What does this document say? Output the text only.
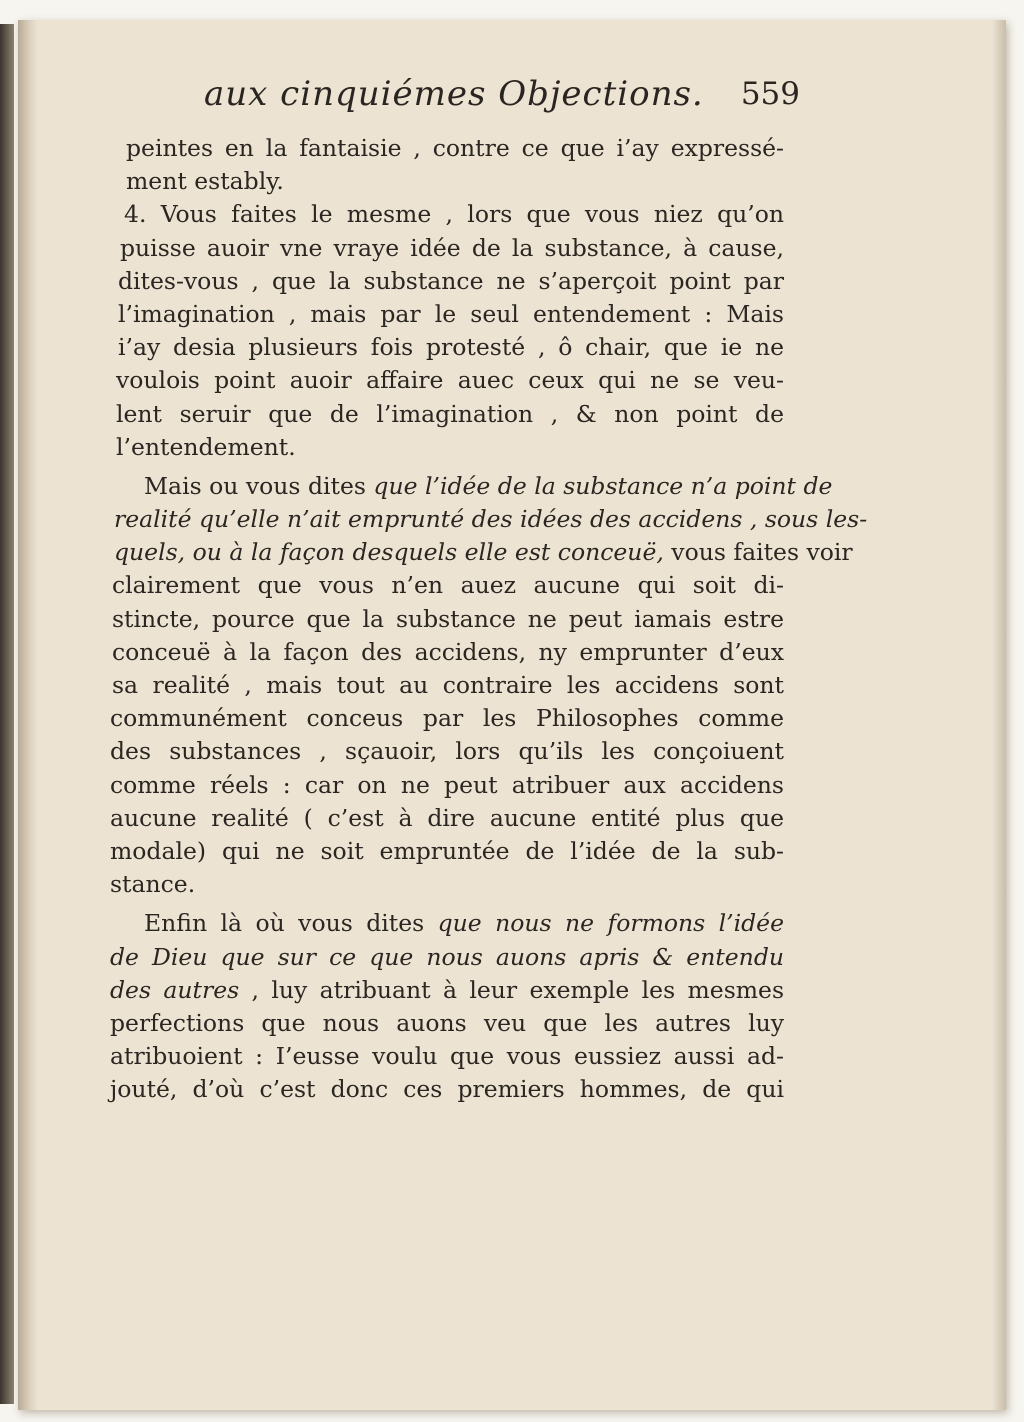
aux cinquiémes Objections. 559
peintes en la fantaisie , contre ce que i’ay expressé-
ment estably.
4. Vous faites le mesme , lors que vous niez qu’on
puisse auoir vne vraye idée de la substance, à cause,
dites-vous , que la substance ne s’aperçoit point par
l’imagination , mais par le seul entendement : Mais
i’ay desia plusieurs fois protesté , ô chair, que ie ne
voulois point auoir affaire auec ceux qui ne se veu-
lent seruir que de l’imagination , & non point de
l’entendement.
Mais ou vous dites que l’idée de la substance n’a point de
realité qu’elle n’ait emprunté des idées des accidens , sous les-
quels, ou à la façon desquels elle est conceuë, vous faites voir
clairement que vous n’en auez aucune qui soit di-
stincte, pource que la substance ne peut iamais estre
conceuë à la façon des accidens, ny emprunter d’eux
sa realité , mais tout au contraire les accidens sont
communément conceus par les Philosophes comme
des substances , sçauoir, lors qu’ils les conçoiuent
comme réels : car on ne peut atribuer aux accidens
aucune realité ( c’est à dire aucune entité plus que
modale) qui ne soit empruntée de l’idée de la sub-
stance.
Enfin là où vous dites que nous ne formons l’idée
de Dieu que sur ce que nous auons apris & entendu
des autres , luy atribuant à leur exemple les mesmes
perfections que nous auons veu que les autres luy
atribuoient : I’eusse voulu que vous eussiez aussi ad-
jouté, d’où c’est donc ces premiers hommes, de qui
